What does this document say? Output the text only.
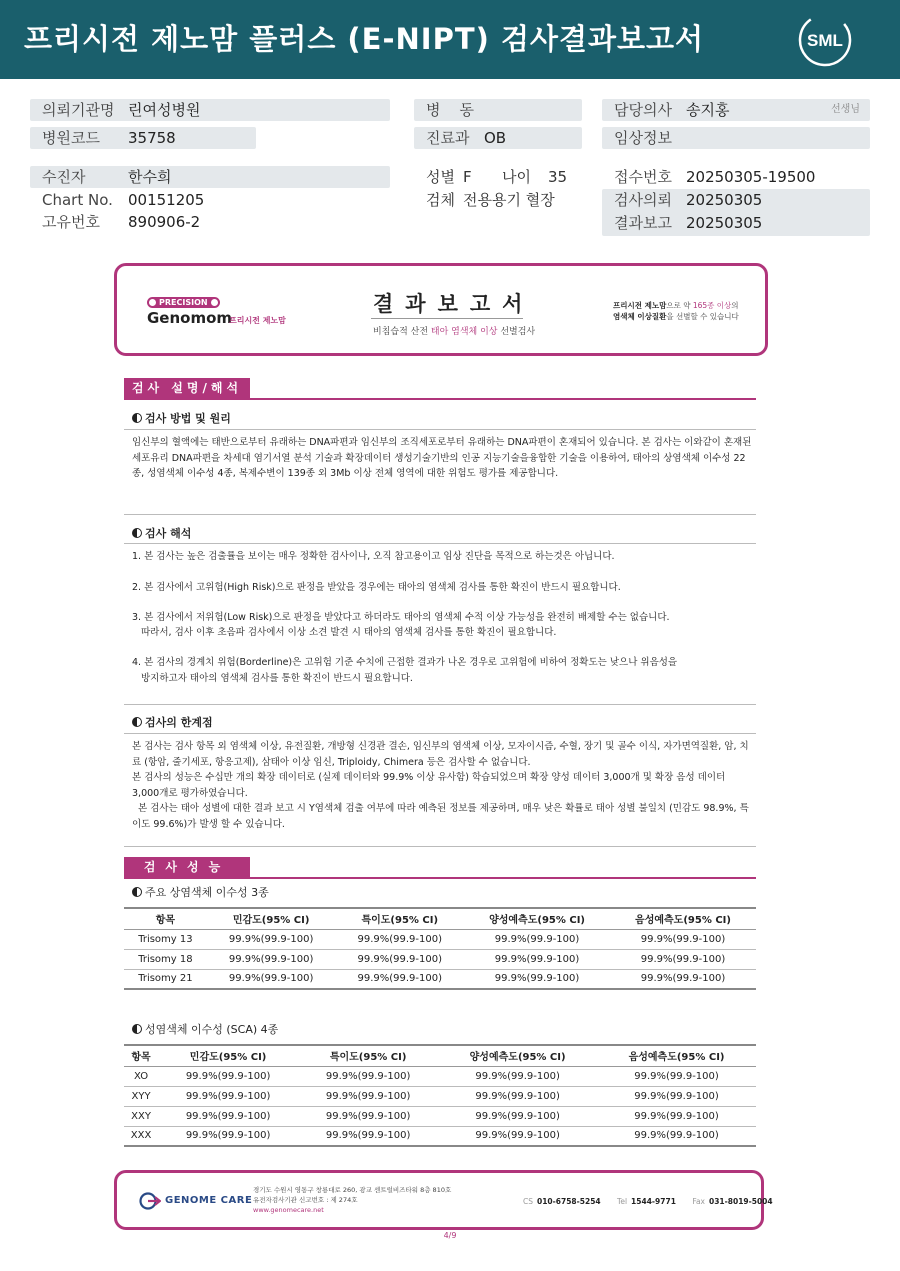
프리시전 제노맘 플러스 (E-NIPT) 검사결과보고서	SML
의뢰기관명 린여성병원
병원코드 35758
수진자	한수희
Chart No. 00151205
고유번호 890906-2
병    동
진료과 OB
성별 F 나이 35
검체 전용용기 혈장
담당의사 송지홍	선생님
임상정보
접수번호 20250305-19500
검사의뢰 20250305
결과보고 20250305
PRECISION
Genomom
프리시전 제노맘
결과보고서
비침습적 산전 태아 염색체 이상 선별검사
프리시전 제노맘으로 약 165종 이상의
염색체 이상질환을 선별할 수 있습니다
검사 설명/해석
검사 방법 및 원리
임신부의 혈액에는 태반으로부터 유래하는 DNA파편과 임신부의 조직세포로부터 유래하는 DNA파편이 혼재되어 있습니다. 본 검사는 이와같이 혼재된 세포유리 DNA파편을 차세대 염기서열 분석 기술과 확장데이터 생성기술기반의 인공 지능기술을융합한 기술을 이용하여, 태아의 상염색체 이수성 22종, 성염색체 이수성 4종, 복제수변이 139종 외 3Mb 이상 전체 영역에 대한 위험도 평가를 제공합니다.
검사 해석
1. 본 검사는 높은 검출률을 보이는 매우 정확한 검사이나, 오직 참고용이고 임상 진단을 목적으로 하는것은 아닙니다.
2. 본 검사에서 고위험(High Risk)으로 판정을 받았을 경우에는 태아의 염색체 검사를 통한 확진이 반드시 필요합니다.
3. 본 검사에서 저위험(Low Risk)으로 판정을 받았다고 하더라도 태아의 염색체 수적 이상 가능성을 완전히 배제할 수는 없습니다.
따라서, 검사 이후 초음파 검사에서 이상 소견 발견 시 태아의 염색체 검사를 통한 확진이 필요합니다.
4. 본 검사의 경계치 위험(Borderline)은 고위험 기준 수치에 근접한 결과가 나온 경우로 고위험에 비하여 정확도는 낮으나 위음성을
방지하고자 태아의 염색체 검사를 통한 확진이 반드시 필요합니다.
검사의 한계점
본 검사는 검사 항목 외 염색체 이상, 유전질환, 개방형 신경관 결손, 임신부의 염색체 이상, 모자이시즘, 수혈, 장기 및 골수 이식, 자가면역질환, 암, 치료 (항암, 줄기세포, 항응고제), 삼태아 이상 임신, Triploidy, Chimera 등은 검사할 수 없습니다.
본 검사의 성능은 수십만 개의 확장 데이터로 (실제 데이터와 99.9% 이상 유사함) 학습되었으며 확장 양성 데이터 3,000개 및 확장 음성 데이터 3,000개로 평가하였습니다.
본 검사는 태아 성별에 대한 결과 보고 시 Y염색체 검출 여부에 따라 예측된 정보를 제공하며, 매우 낮은 확률로 태아 성별 불일치 (민감도 98.9%, 특이도 99.6%)가 발생 할 수 있습니다.
검사성능
주요 상염색체 이수성 3종
항목	민감도(95% CI)	특이도(95% CI)	양성예측도(95% CI)	음성예측도(95% CI)
Trisomy 13	99.9%(99.9-100)	99.9%(99.9-100)	99.9%(99.9-100)	99.9%(99.9-100)
Trisomy 18	99.9%(99.9-100)	99.9%(99.9-100)	99.9%(99.9-100)	99.9%(99.9-100)
Trisomy 21	99.9%(99.9-100)	99.9%(99.9-100)	99.9%(99.9-100)	99.9%(99.9-100)
성염색체 이수성 (SCA) 4종
항목	민감도(95% CI)	특이도(95% CI)	양성예측도(95% CI)	음성예측도(95% CI)
XO	99.9%(99.9-100)	99.9%(99.9-100)	99.9%(99.9-100)	99.9%(99.9-100)
XYY	99.9%(99.9-100)	99.9%(99.9-100)	99.9%(99.9-100)	99.9%(99.9-100)
XXY	99.9%(99.9-100)	99.9%(99.9-100)	99.9%(99.9-100)	99.9%(99.9-100)
XXX	99.9%(99.9-100)	99.9%(99.9-100)	99.9%(99.9-100)	99.9%(99.9-100)
GENOME CARE
경기도 수원시 영통구 창룡대로 260, 광교 센트럴비즈타워 8층 810호
유전자검사기관 신고번호 : 제 274호
www.genomecare.net
CS 010-6758-5254 Tel 1544-9771 Fax 031-8019-5004
4/9
